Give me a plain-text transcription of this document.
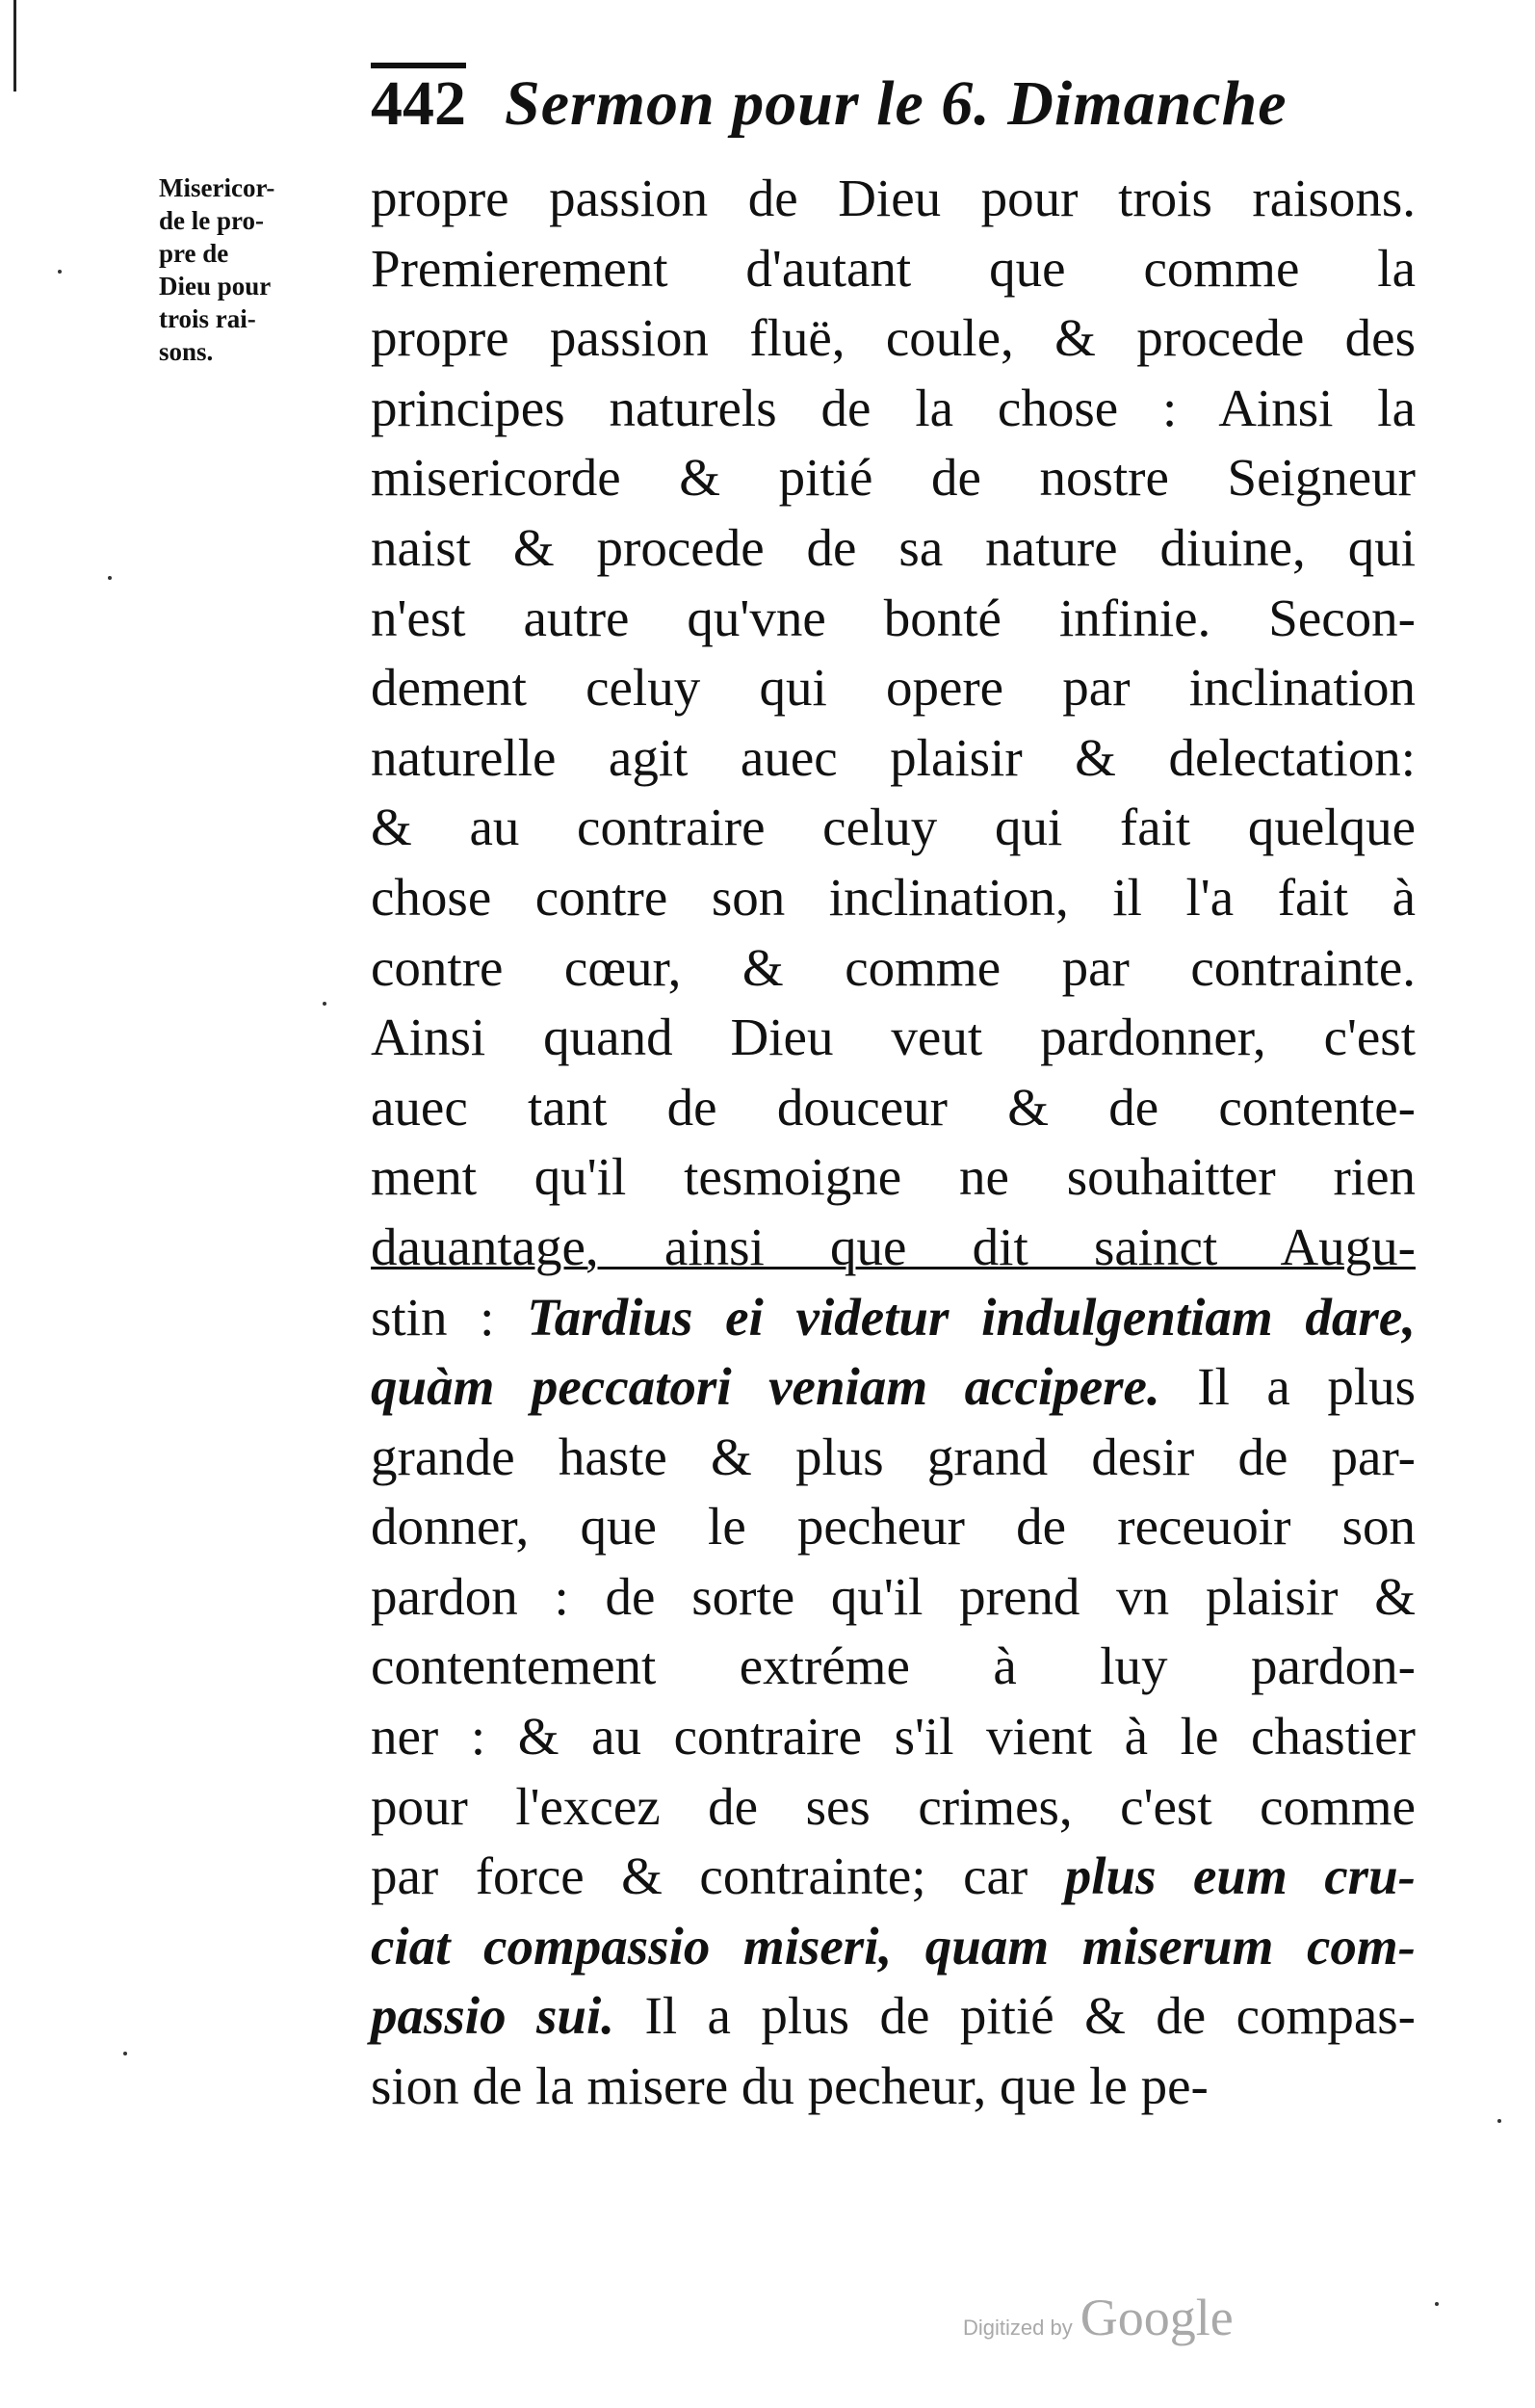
442 Sermon pour le 6. Dimanche
Misericor-
de le pro-
pre de
Dieu pour
trois rai-
sons.
propre passion de Dieu pour trois raisons.
Premierement d'autant que comme la
propre passion fluë, coule, & procede des
principes naturels de la chose : Ainsi la
misericorde & pitié de nostre Seigneur
naist & procede de sa nature diuine, qui
n'est autre qu'vne bonté infinie. Secon-
dement celuy qui opere par inclination
naturelle agit auec plaisir & delectation:
& au contraire celuy qui fait quelque
chose contre son inclination, il l'a fait à
contre cœur, & comme par contrainte.
Ainsi quand Dieu veut pardonner, c'est
auec tant de douceur & de contente-
ment qu'il tesmoigne ne souhaitter rien
dauantage, ainsi que dit sainct Augu-
stin : Tardius ei videtur indulgentiam dare,
quàm peccatori veniam accipere. Il a plus
grande haste & plus grand desir de par-
donner, que le pecheur de receuoir son
pardon : de sorte qu'il prend vn plaisir &
contentement extréme à luy pardon-
ner : & au contraire s'il vient à le chastier
pour l'excez de ses crimes, c'est comme
par force & contrainte; car plus eum cru-
ciat compassio miseri, quam miserum com-
passio sui. Il a plus de pitié & de compas-
sion de la misere du pecheur, que le pe-
Digitized by Google
